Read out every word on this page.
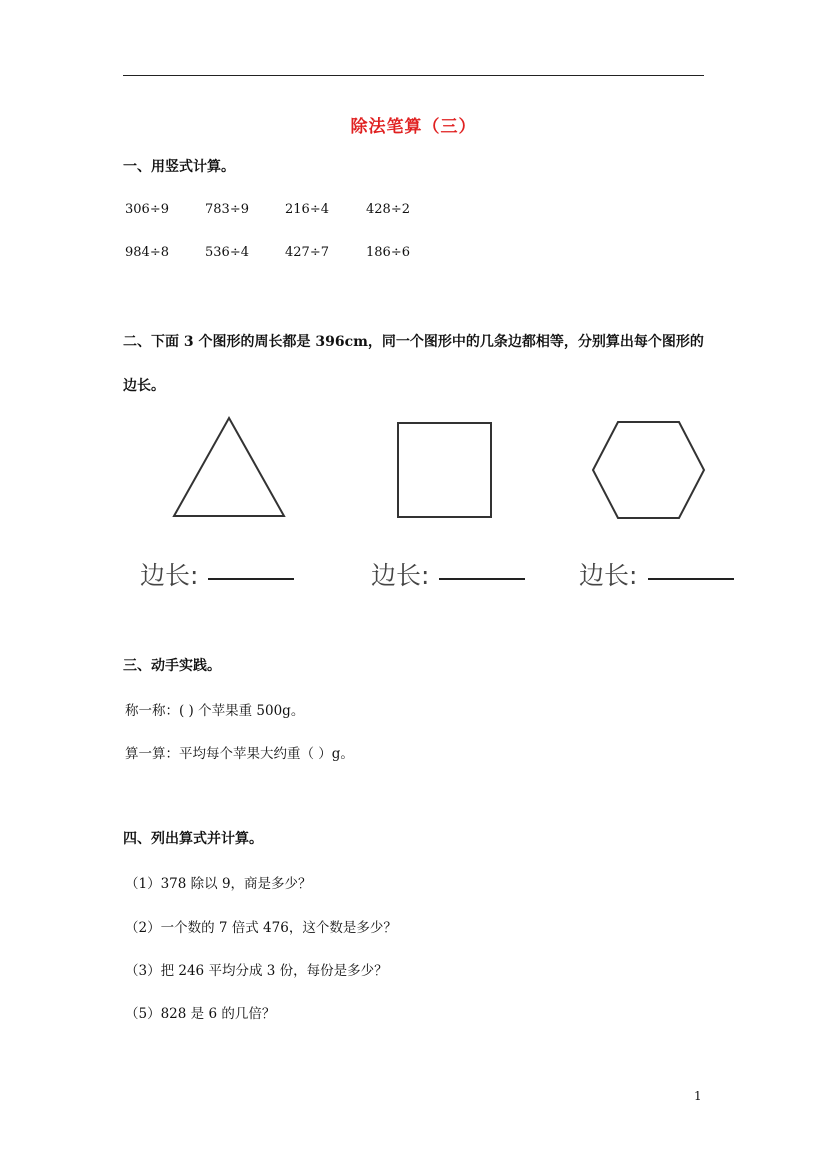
除法笔算（三）
一、用竖式计算。
306÷9	783÷9	216÷4	428÷2
984÷8	536÷4	427÷7	186÷6
二、下面 3 个图形的周长都是 396cm，同一个图形中的几条边都相等，分别算出每个图形的
边长。
边长:	边长:	边长:
三、动手实践。
称一称：( ) 个苹果重 500g。
算一算：平均每个苹果大约重（ ）g。
四、列出算式并计算。
（1）378 除以 9，商是多少？
（2）一个数的 7 倍式 476，这个数是多少？
（3）把 246 平均分成 3 份，每份是多少？
（5）828 是 6 的几倍？
1
